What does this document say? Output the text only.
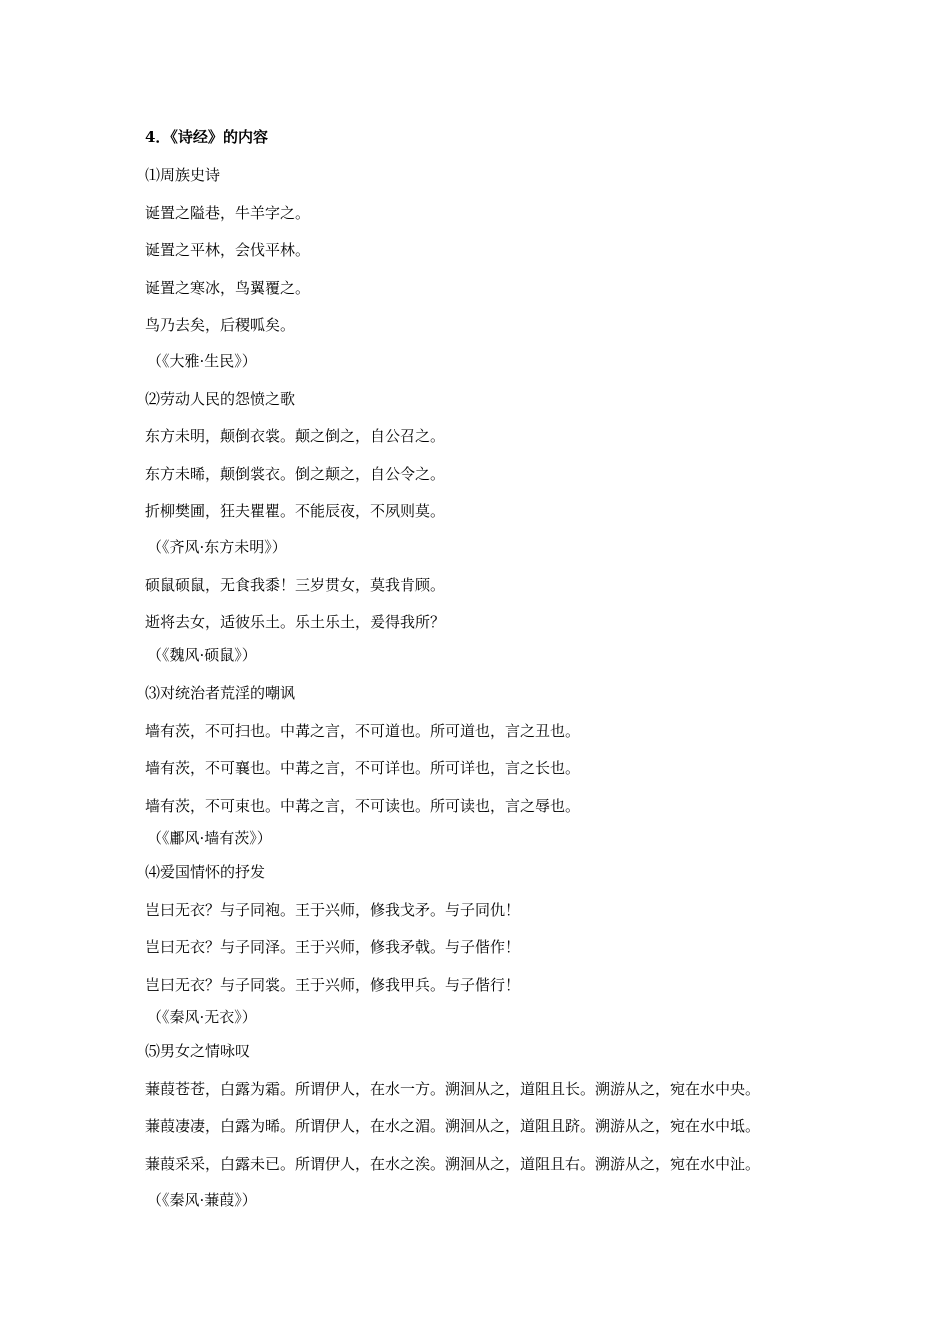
4．《诗经》的内容
⑴周族史诗
诞置之隘巷，牛羊字之。
诞置之平林，会伐平林。
诞置之寒冰，鸟翼覆之。
鸟乃去矣，后稷呱矣。
（《大雅·生民》）
⑵劳动人民的怨愤之歌
东方未明，颠倒衣裳。颠之倒之，自公召之。
东方未晞，颠倒裳衣。倒之颠之，自公令之。
折柳樊圃，狂夫瞿瞿。不能辰夜，不夙则莫。
（《齐风·东方未明》）
硕鼠硕鼠，无食我黍！三岁贯女，莫我肯顾。
逝将去女，适彼乐土。乐土乐土，爰得我所？
（《魏风·硕鼠》）
⑶对统治者荒淫的嘲讽
墙有茨，不可扫也。中冓之言，不可道也。所可道也，言之丑也。
墙有茨，不可襄也。中冓之言，不可详也。所可详也，言之长也。
墙有茨，不可束也。中冓之言，不可读也。所可读也，言之辱也。
（《鄘风·墙有茨》）
⑷爱国情怀的抒发
岂曰无衣？与子同袍。王于兴师，修我戈矛。与子同仇！
岂曰无衣？与子同泽。王于兴师，修我矛戟。与子偕作！
岂曰无衣？与子同裳。王于兴师，修我甲兵。与子偕行！
（《秦风·无衣》）
⑸男女之情咏叹
蒹葭苍苍，白露为霜。所谓伊人，在水一方。溯洄从之，道阻且长。溯游从之，宛在水中央。
蒹葭凄凄，白露为晞。所谓伊人，在水之湄。溯洄从之，道阻且跻。溯游从之，宛在水中坻。
蒹葭采采，白露未已。所谓伊人，在水之涘。溯洄从之，道阻且右。溯游从之，宛在水中沚。
（《秦风·蒹葭》）
